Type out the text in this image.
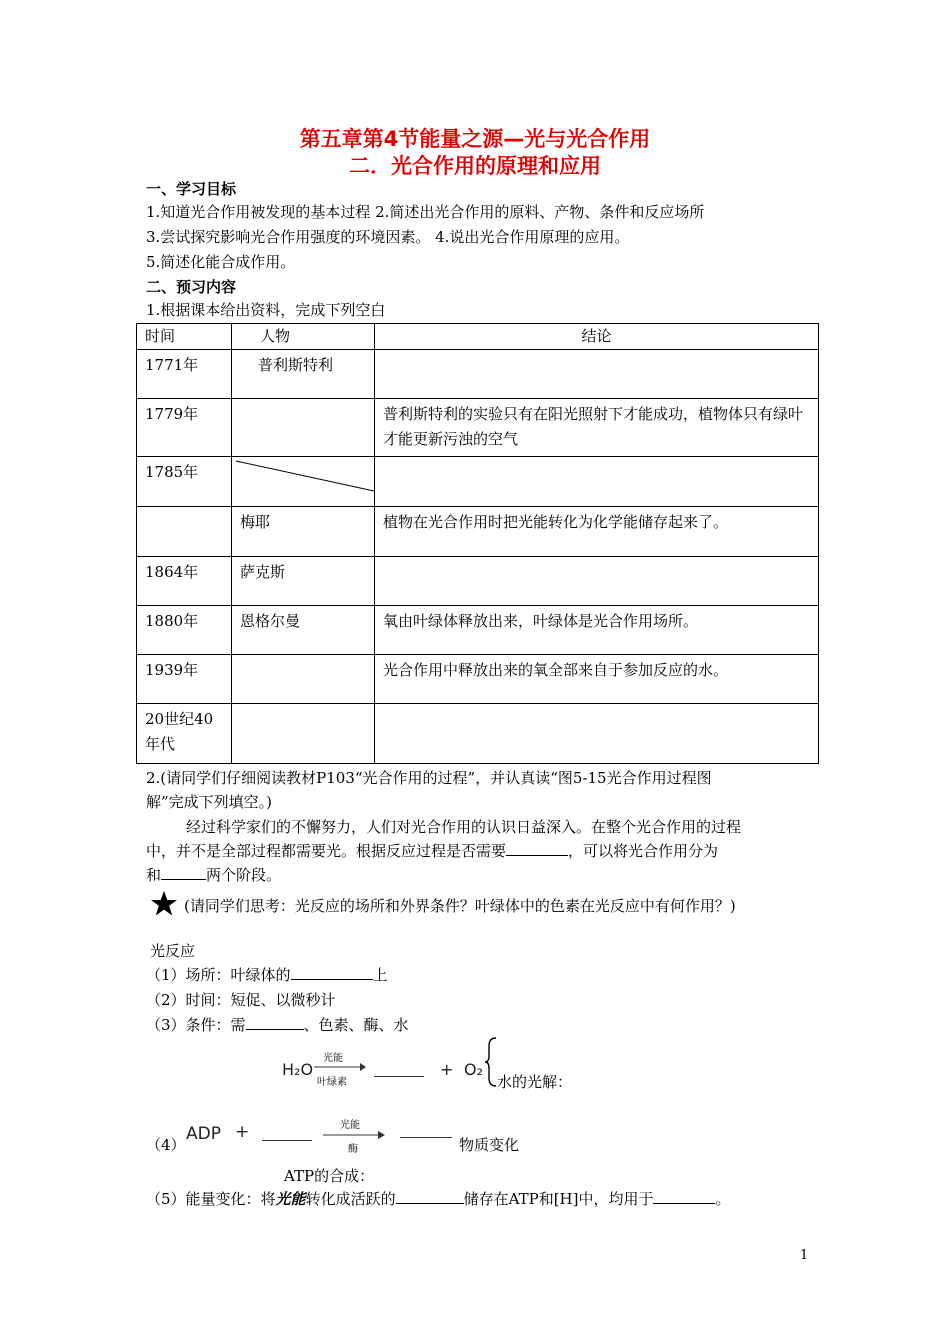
第五章第4节能量之源—光与光合作用
二．光合作用的原理和应用
一、学习目标
1.知道光合作用被发现的基本过程 2.简述出光合作用的原料、产物、条件和反应场所
3.尝试探究影响光合作用强度的环境因素。 4.说出光合作用原理的应用。
5.简述化能合成作用。
二、预习内容
1.根据课本给出资料，完成下列空白
时间	人物	结论
1771年	普利斯特利	
1779年		普利斯特利的实验只有在阳光照射下才能成功，植物体只有绿叶才能更新污浊的空气
1785年	

	梅耶	植物在光合作用时把光能转化为化学能储存起来了。
1864年	萨克斯	
1880年	恩格尔曼	氧由叶绿体释放出来，叶绿体是光合作用场所。
1939年		光合作用中释放出来的氧全部来自于参加反应的水。
20世纪40年代		
2.(请同学们仔细阅读教材P103“光合作用的过程”，并认真读“图5-15光合作用过程图
解”完成下列填空。)
经过科学家们的不懈努力，人们对光合作用的认识日益深入。在整个光合作用的过程
中，并不是全部过程都需要光。根据反应过程是否需要	，可以将光合作用分为
和	两个阶段。
(请同学们思考：光反应的场所和外界条件？叶绿体中的色素在光反应中有何作用？)
光反应
（1）场所：叶绿体的	上
（2）时间：短促、以微秒计
（3）条件：需	、色素、酶、水
H₂O
光能
叶绿素
+ O₂
水的光解：
（4）
ADP +	光能
酶	物质变化
ATP的合成：
（5）能量变化：将光能转化成活跃的	储存在ATP和[H]中，均用于	。
1
